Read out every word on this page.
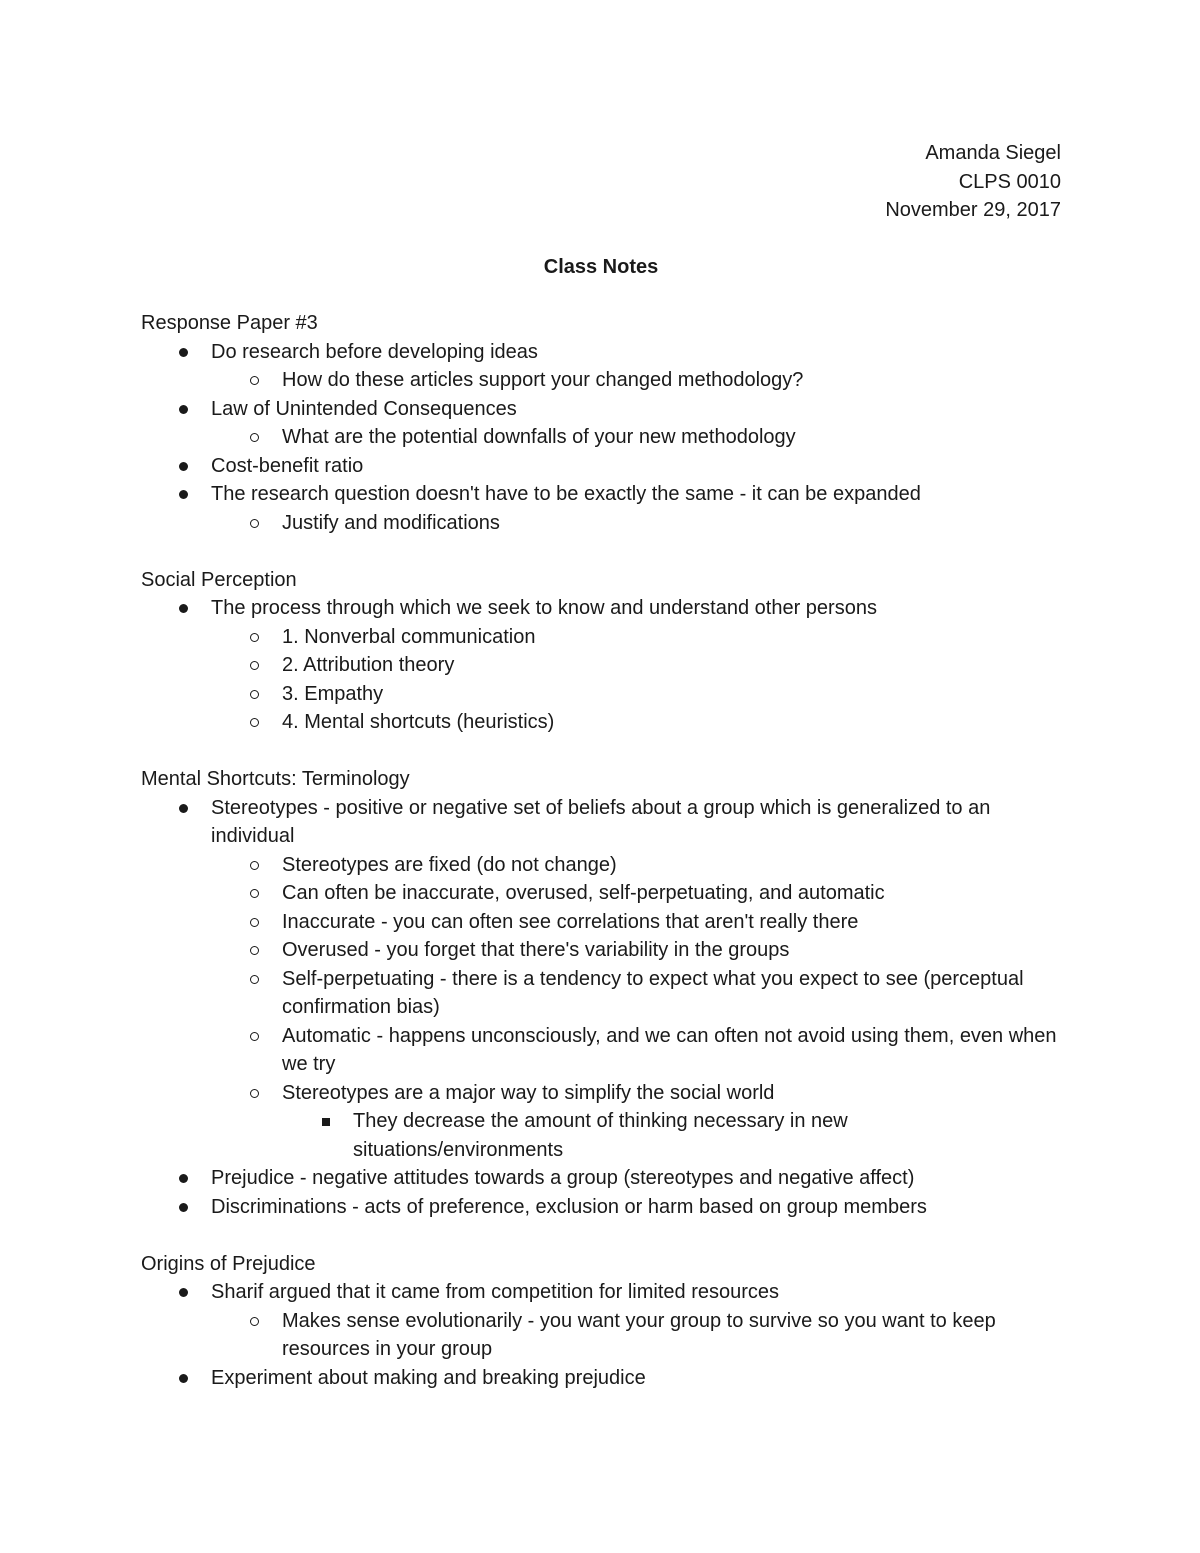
Amanda Siegel
CLPS 0010
November 29, 2017
Class Notes
Response Paper #3
Do research before developing ideas
How do these articles support your changed methodology?
Law of Unintended Consequences
What are the potential downfalls of your new methodology
Cost-benefit ratio
The research question doesn't have to be exactly the same - it can be expanded
Justify and modifications
Social Perception
The process through which we seek to know and understand other persons
1. Nonverbal communication
2. Attribution theory
3. Empathy
4. Mental shortcuts (heuristics)
Mental Shortcuts: Terminology
Stereotypes - positive or negative set of beliefs about a group which is generalized to an individual
Stereotypes are fixed (do not change)
Can often be inaccurate, overused, self-perpetuating, and automatic
Inaccurate - you can often see correlations that aren't really there
Overused - you forget that there's variability in the groups
Self-perpetuating - there is a tendency to expect what you expect to see (perceptual confirmation bias)
Automatic - happens unconsciously, and we can often not avoid using them, even when we try
Stereotypes are a major way to simplify the social world
They decrease the amount of thinking necessary in new situations/environments
Prejudice - negative attitudes towards a group (stereotypes and negative affect)
Discriminations - acts of preference, exclusion or harm based on group members
Origins of Prejudice
Sharif argued that it came from competition for limited resources
Makes sense evolutionarily - you want your group to survive so you want to keep resources in your group
Experiment about making and breaking prejudice
